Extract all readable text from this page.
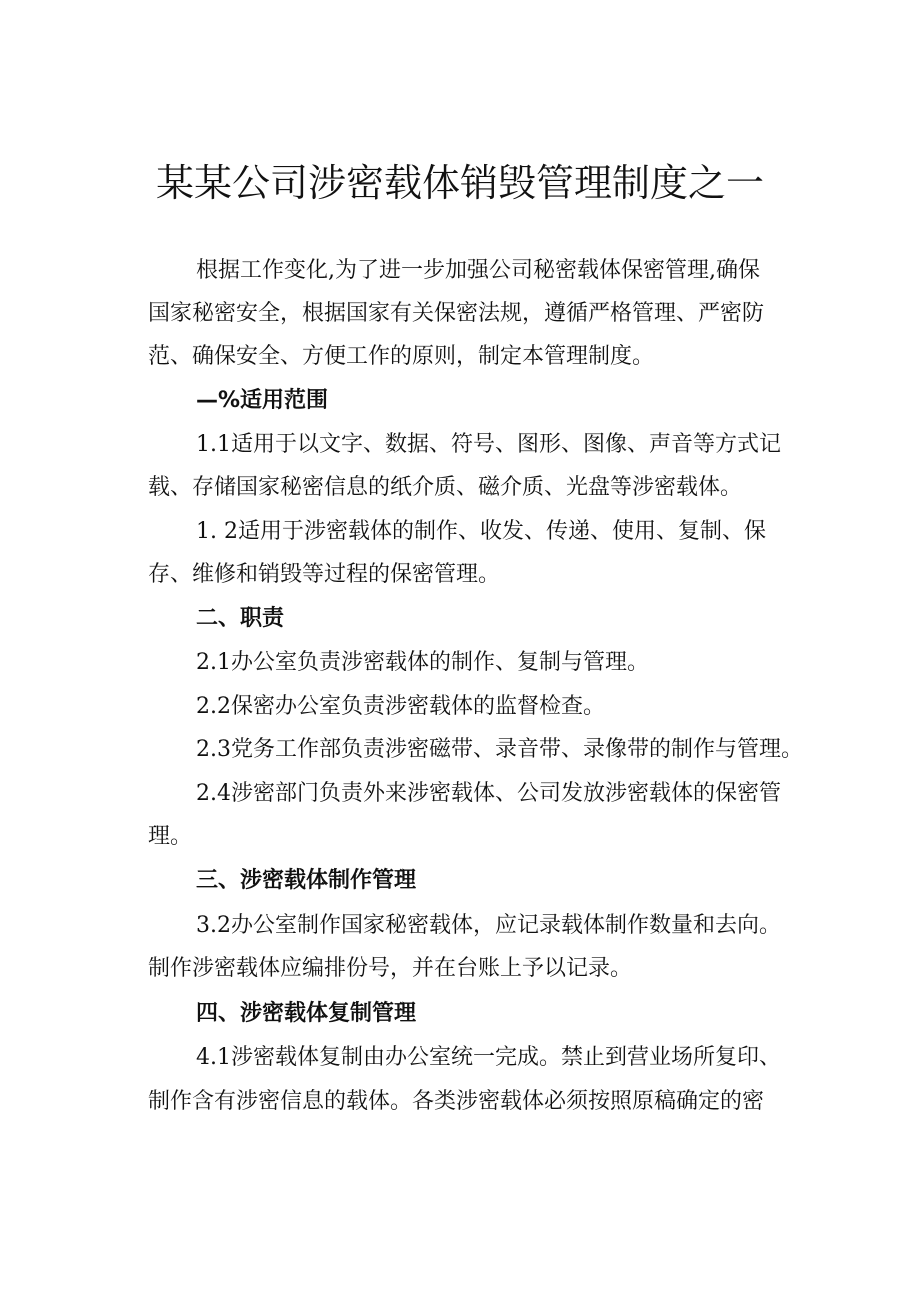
某某公司涉密载体销毁管理制度之一
根据工作变化,为了进一步加强公司秘密载体保密管理,确保
国家秘密安全，根据国家有关保密法规，遵循严格管理、严密防
范、确保安全、方便工作的原则，制定本管理制度。
—%适用范围
1.1适用于以文字、数据、符号、图形、图像、声音等方式记
载、存储国家秘密信息的纸介质、磁介质、光盘等涉密载体。
1. 2适用于涉密载体的制作、收发、传递、使用、复制、保
存、维修和销毁等过程的保密管理。
二、职责
2.1办公室负责涉密载体的制作、复制与管理。
2.2保密办公室负责涉密载体的监督检查。
2.3党务工作部负责涉密磁带、录音带、录像带的制作与管理。
2.4涉密部门负责外来涉密载体、公司发放涉密载体的保密管
理。
三、涉密载体制作管理
3.2办公室制作国家秘密载体，应记录载体制作数量和去向。
制作涉密载体应编排份号，并在台账上予以记录。
四、涉密载体复制管理
4.1涉密载体复制由办公室统一完成。禁止到营业场所复印、
制作含有涉密信息的载体。各类涉密载体必须按照原稿确定的密
